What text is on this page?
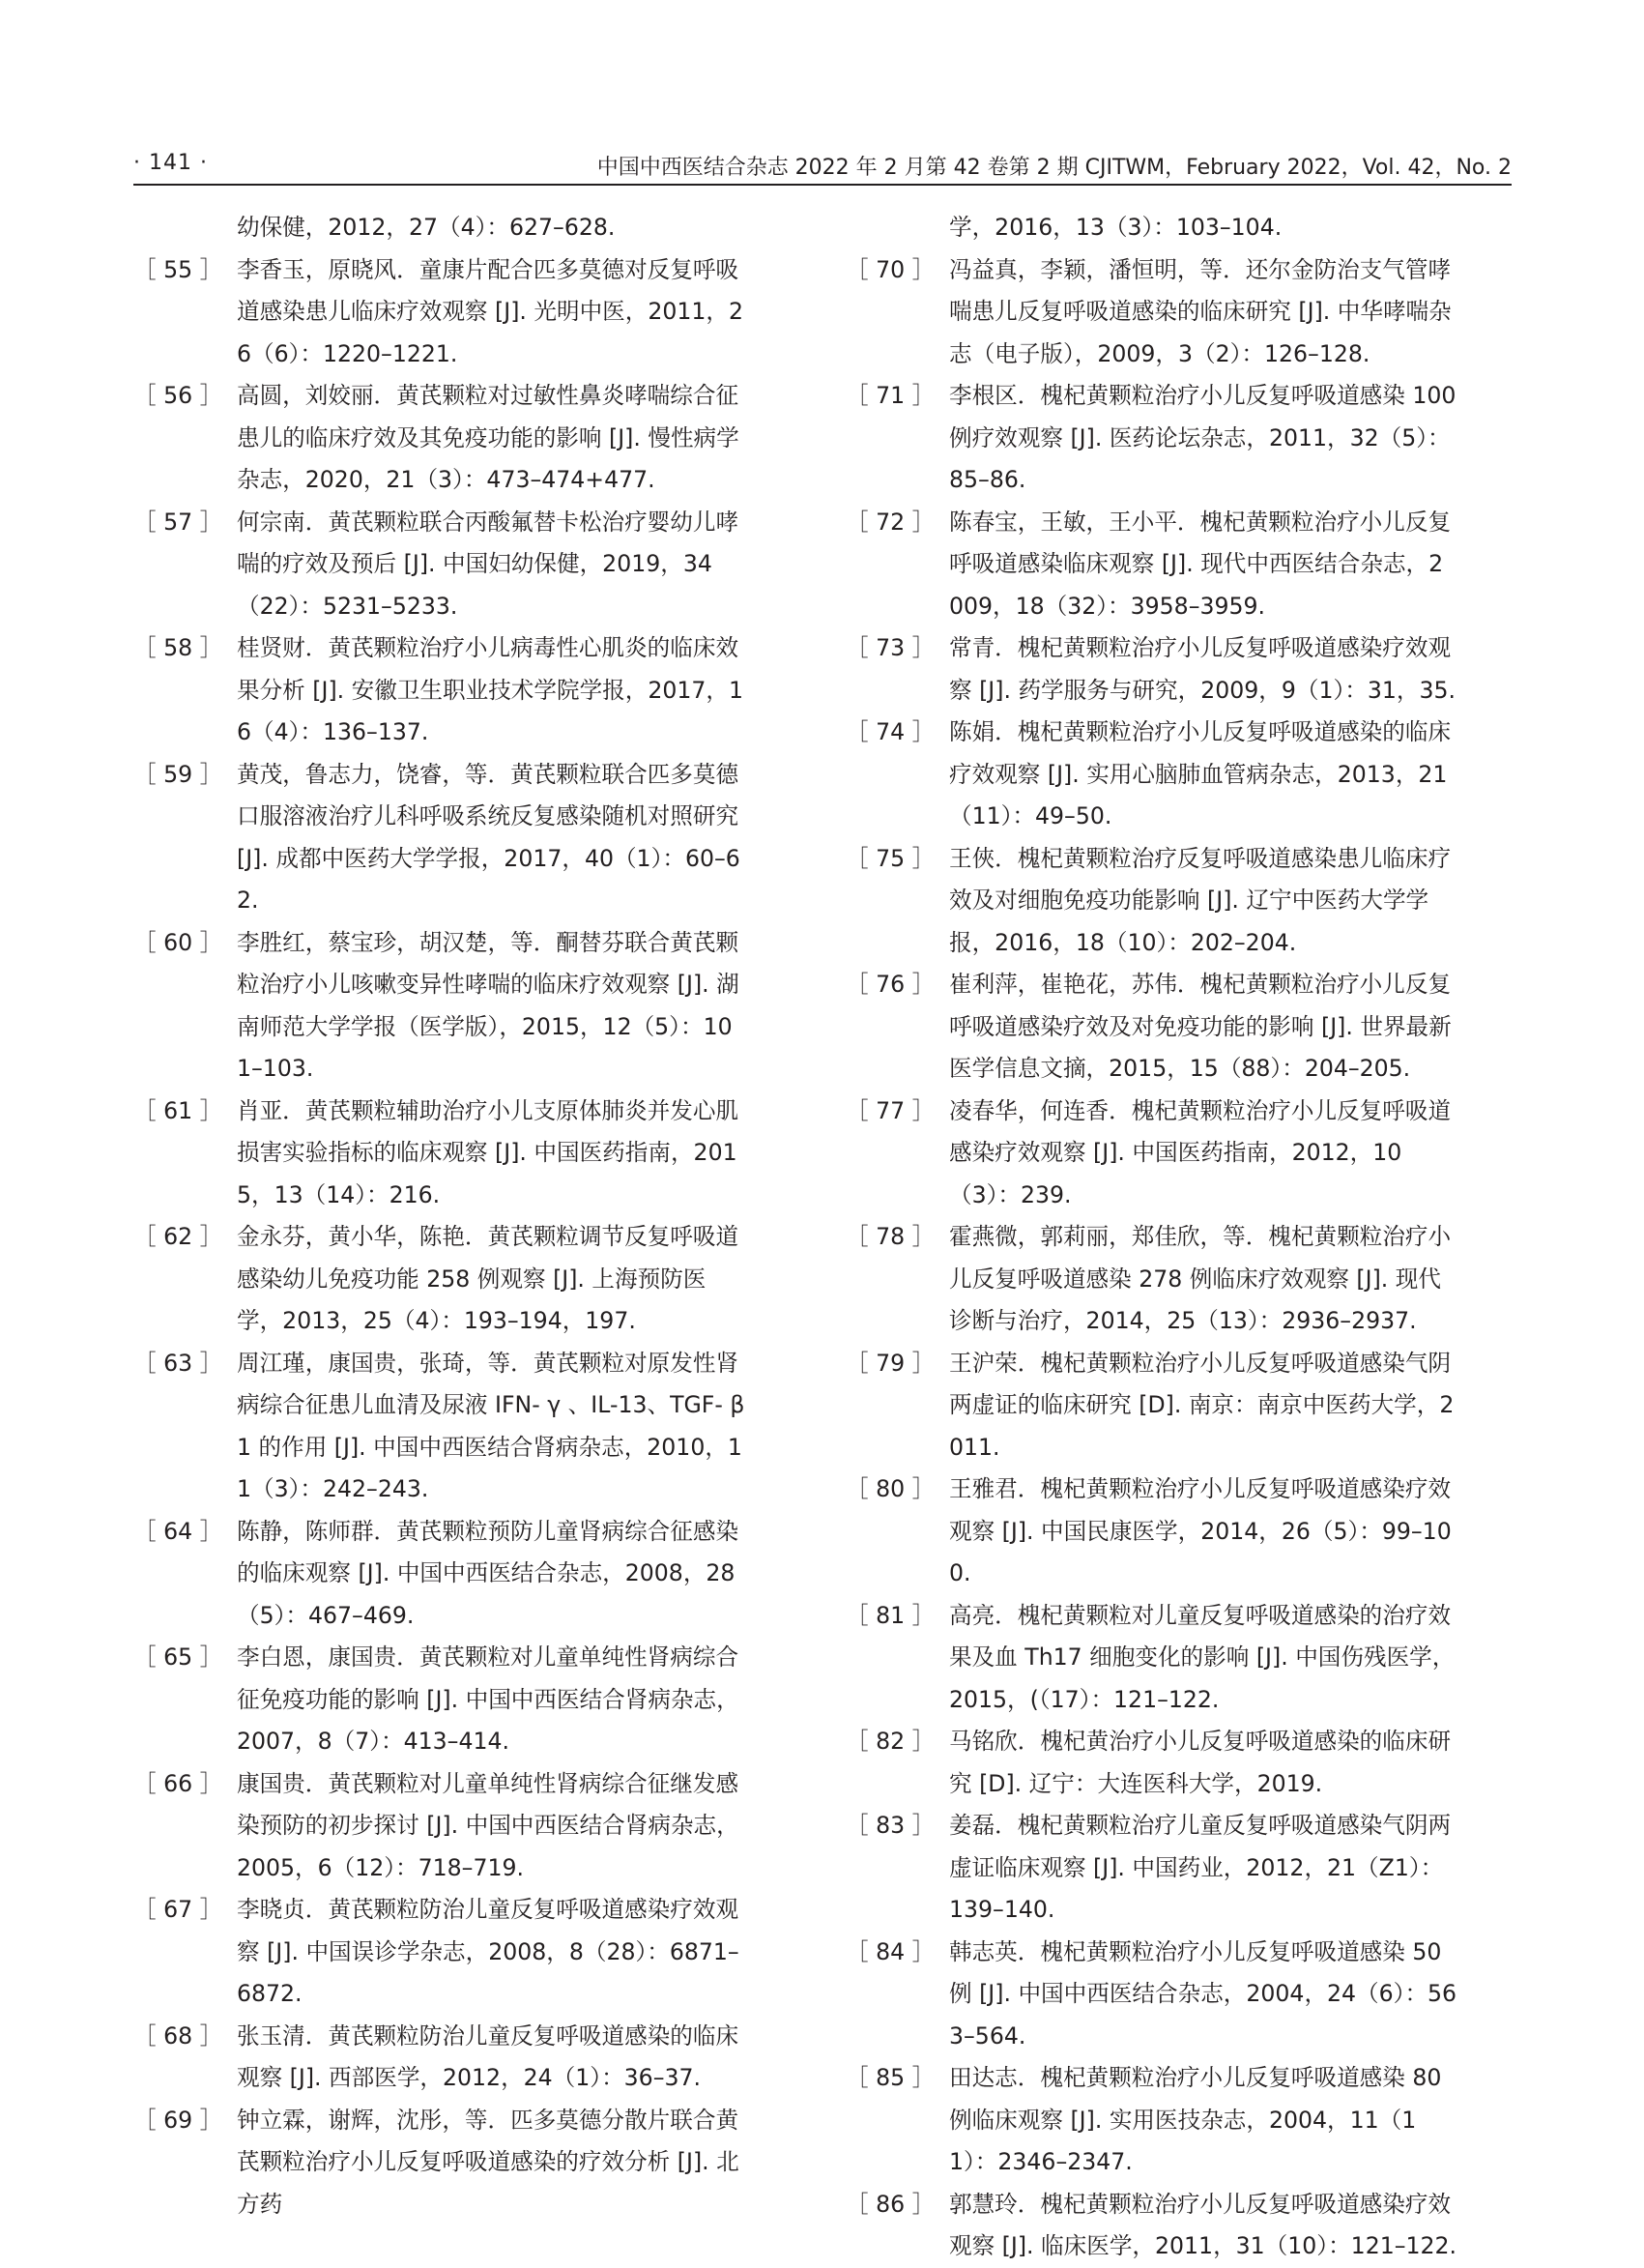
· 141 ·	中国中西医结合杂志 2022 年 2 月第 42 卷第 2 期 CJITWM，February 2022，Vol. 42，No. 2
幼保健，2012，27（4）：627–628.
［ 55 ］ 李香玉，原晓风．童康片配合匹多莫德对反复呼吸道感染患儿临床疗效观察 [J]. 光明中医，2011，26（6）：1220–1221.
［ 56 ］ 高圆，刘姣丽．黄芪颗粒对过敏性鼻炎哮喘综合征患儿的临床疗效及其免疫功能的影响 [J]. 慢性病学杂志，2020，21（3）：473–474+477.
［ 57 ］ 何宗南．黄芪颗粒联合丙酸氟替卡松治疗婴幼儿哮喘的疗效及预后 [J]. 中国妇幼保健，2019，34（22）：5231–5233.
［ 58 ］ 桂贤财．黄芪颗粒治疗小儿病毒性心肌炎的临床效果分析 [J]. 安徽卫生职业技术学院学报，2017，16（4）：136–137.
［ 59 ］ 黄茂，鲁志力，饶睿，等．黄芪颗粒联合匹多莫德口服溶液治疗儿科呼吸系统反复感染随机对照研究 [J]. 成都中医药大学学报，2017，40（1）：60–62.
［ 60 ］ 李胜红，蔡宝珍，胡汉楚，等．酮替芬联合黄芪颗粒治疗小儿咳嗽变异性哮喘的临床疗效观察 [J]. 湖南师范大学学报（医学版），2015，12（5）：101–103.
［ 61 ］ 肖亚．黄芪颗粒辅助治疗小儿支原体肺炎并发心肌损害实验指标的临床观察 [J]. 中国医药指南，2015，13（14）：216.
［ 62 ］ 金永芬，黄小华，陈艳．黄芪颗粒调节反复呼吸道感染幼儿免疫功能 258 例观察 [J]. 上海预防医学，2013，25（4）：193–194，197.
［ 63 ］ 周江瑾，康国贵，张琦，等．黄芪颗粒对原发性肾病综合征患儿血清及尿液 IFN- γ 、IL-13、TGF- β 1 的作用 [J]. 中国中西医结合肾病杂志，2010，11（3）：242–243.
［ 64 ］ 陈静，陈师群．黄芪颗粒预防儿童肾病综合征感染的临床观察 [J]. 中国中西医结合杂志，2008，28（5）：467–469.
［ 65 ］ 李白恩，康国贵．黄芪颗粒对儿童单纯性肾病综合征免疫功能的影响 [J]. 中国中西医结合肾病杂志，2007，8（7）：413–414.
［ 66 ］ 康国贵．黄芪颗粒对儿童单纯性肾病综合征继发感染预防的初步探讨 [J]. 中国中西医结合肾病杂志，2005，6（12）：718–719.
［ 67 ］ 李晓贞．黄芪颗粒防治儿童反复呼吸道感染疗效观察 [J]. 中国误诊学杂志，2008，8（28）：6871–6872.
［ 68 ］ 张玉清．黄芪颗粒防治儿童反复呼吸道感染的临床观察 [J]. 西部医学，2012，24（1）：36–37.
［ 69 ］ 钟立霖，谢辉，沈彤，等．匹多莫德分散片联合黄芪颗粒治疗小儿反复呼吸道感染的疗效分析 [J]. 北方药
学，2016，13（3）：103–104.
［ 70 ］ 冯益真，李颖，潘恒明，等．还尔金防治支气管哮喘患儿反复呼吸道感染的临床研究 [J]. 中华哮喘杂志（电子版），2009，3（2）：126–128.
［ 71 ］ 李根区．槐杞黄颗粒治疗小儿反复呼吸道感染 100 例疗效观察 [J]. 医药论坛杂志，2011，32（5）：85–86.
［ 72 ］ 陈春宝，王敏，王小平．槐杞黄颗粒治疗小儿反复呼吸道感染临床观察 [J]. 现代中西医结合杂志，2009，18（32）：3958–3959.
［ 73 ］ 常青．槐杞黄颗粒治疗小儿反复呼吸道感染疗效观察 [J]. 药学服务与研究，2009，9（1）：31，35.
［ 74 ］ 陈娟．槐杞黄颗粒治疗小儿反复呼吸道感染的临床疗效观察 [J]. 实用心脑肺血管病杂志，2013，21（11）：49–50.
［ 75 ］ 王俠．槐杞黄颗粒治疗反复呼吸道感染患儿临床疗效及对细胞免疫功能影响 [J]. 辽宁中医药大学学报，2016，18（10）：202–204.
［ 76 ］ 崔利萍，崔艳花，苏伟．槐杞黄颗粒治疗小儿反复呼吸道感染疗效及对免疫功能的影响 [J]. 世界最新医学信息文摘，2015，15（88）：204–205.
［ 77 ］ 凌春华，何连香．槐杞黄颗粒治疗小儿反复呼吸道感染疗效观察 [J]. 中国医药指南，2012，10（3）：239.
［ 78 ］ 霍燕微，郭莉丽，郑佳欣，等．槐杞黄颗粒治疗小儿反复呼吸道感染 278 例临床疗效观察 [J]. 现代诊断与治疗，2014，25（13）：2936–2937.
［ 79 ］ 王沪荣．槐杞黄颗粒治疗小儿反复呼吸道感染气阴两虚证的临床研究 [D]. 南京：南京中医药大学，2011.
［ 80 ］ 王雅君．槐杞黄颗粒治疗小儿反复呼吸道感染疗效观察 [J]. 中国民康医学，2014，26（5）：99–100.
［ 81 ］ 高亮．槐杞黄颗粒对儿童反复呼吸道感染的治疗效果及血 Th17 细胞变化的影响 [J]. 中国伤残医学，2015，(（17）：121–122.
［ 82 ］ 马铭欣．槐杞黄治疗小儿反复呼吸道感染的临床研究 [D]. 辽宁：大连医科大学，2019.
［ 83 ］ 姜磊．槐杞黄颗粒治疗儿童反复呼吸道感染气阴两虚证临床观察 [J]. 中国药业，2012，21（Z1）：139–140.
［ 84 ］ 韩志英．槐杞黄颗粒治疗小儿反复呼吸道感染 50 例 [J]. 中国中西医结合杂志，2004，24（6）：563–564.
［ 85 ］ 田达志．槐杞黄颗粒治疗小儿反复呼吸道感染 80 例临床观察 [J]. 实用医技杂志，2004，11（11）：2346–2347.
［ 86 ］ 郭慧玲．槐杞黄颗粒治疗小儿反复呼吸道感染疗效观察 [J]. 临床医学，2011，31（10）：121–122.
